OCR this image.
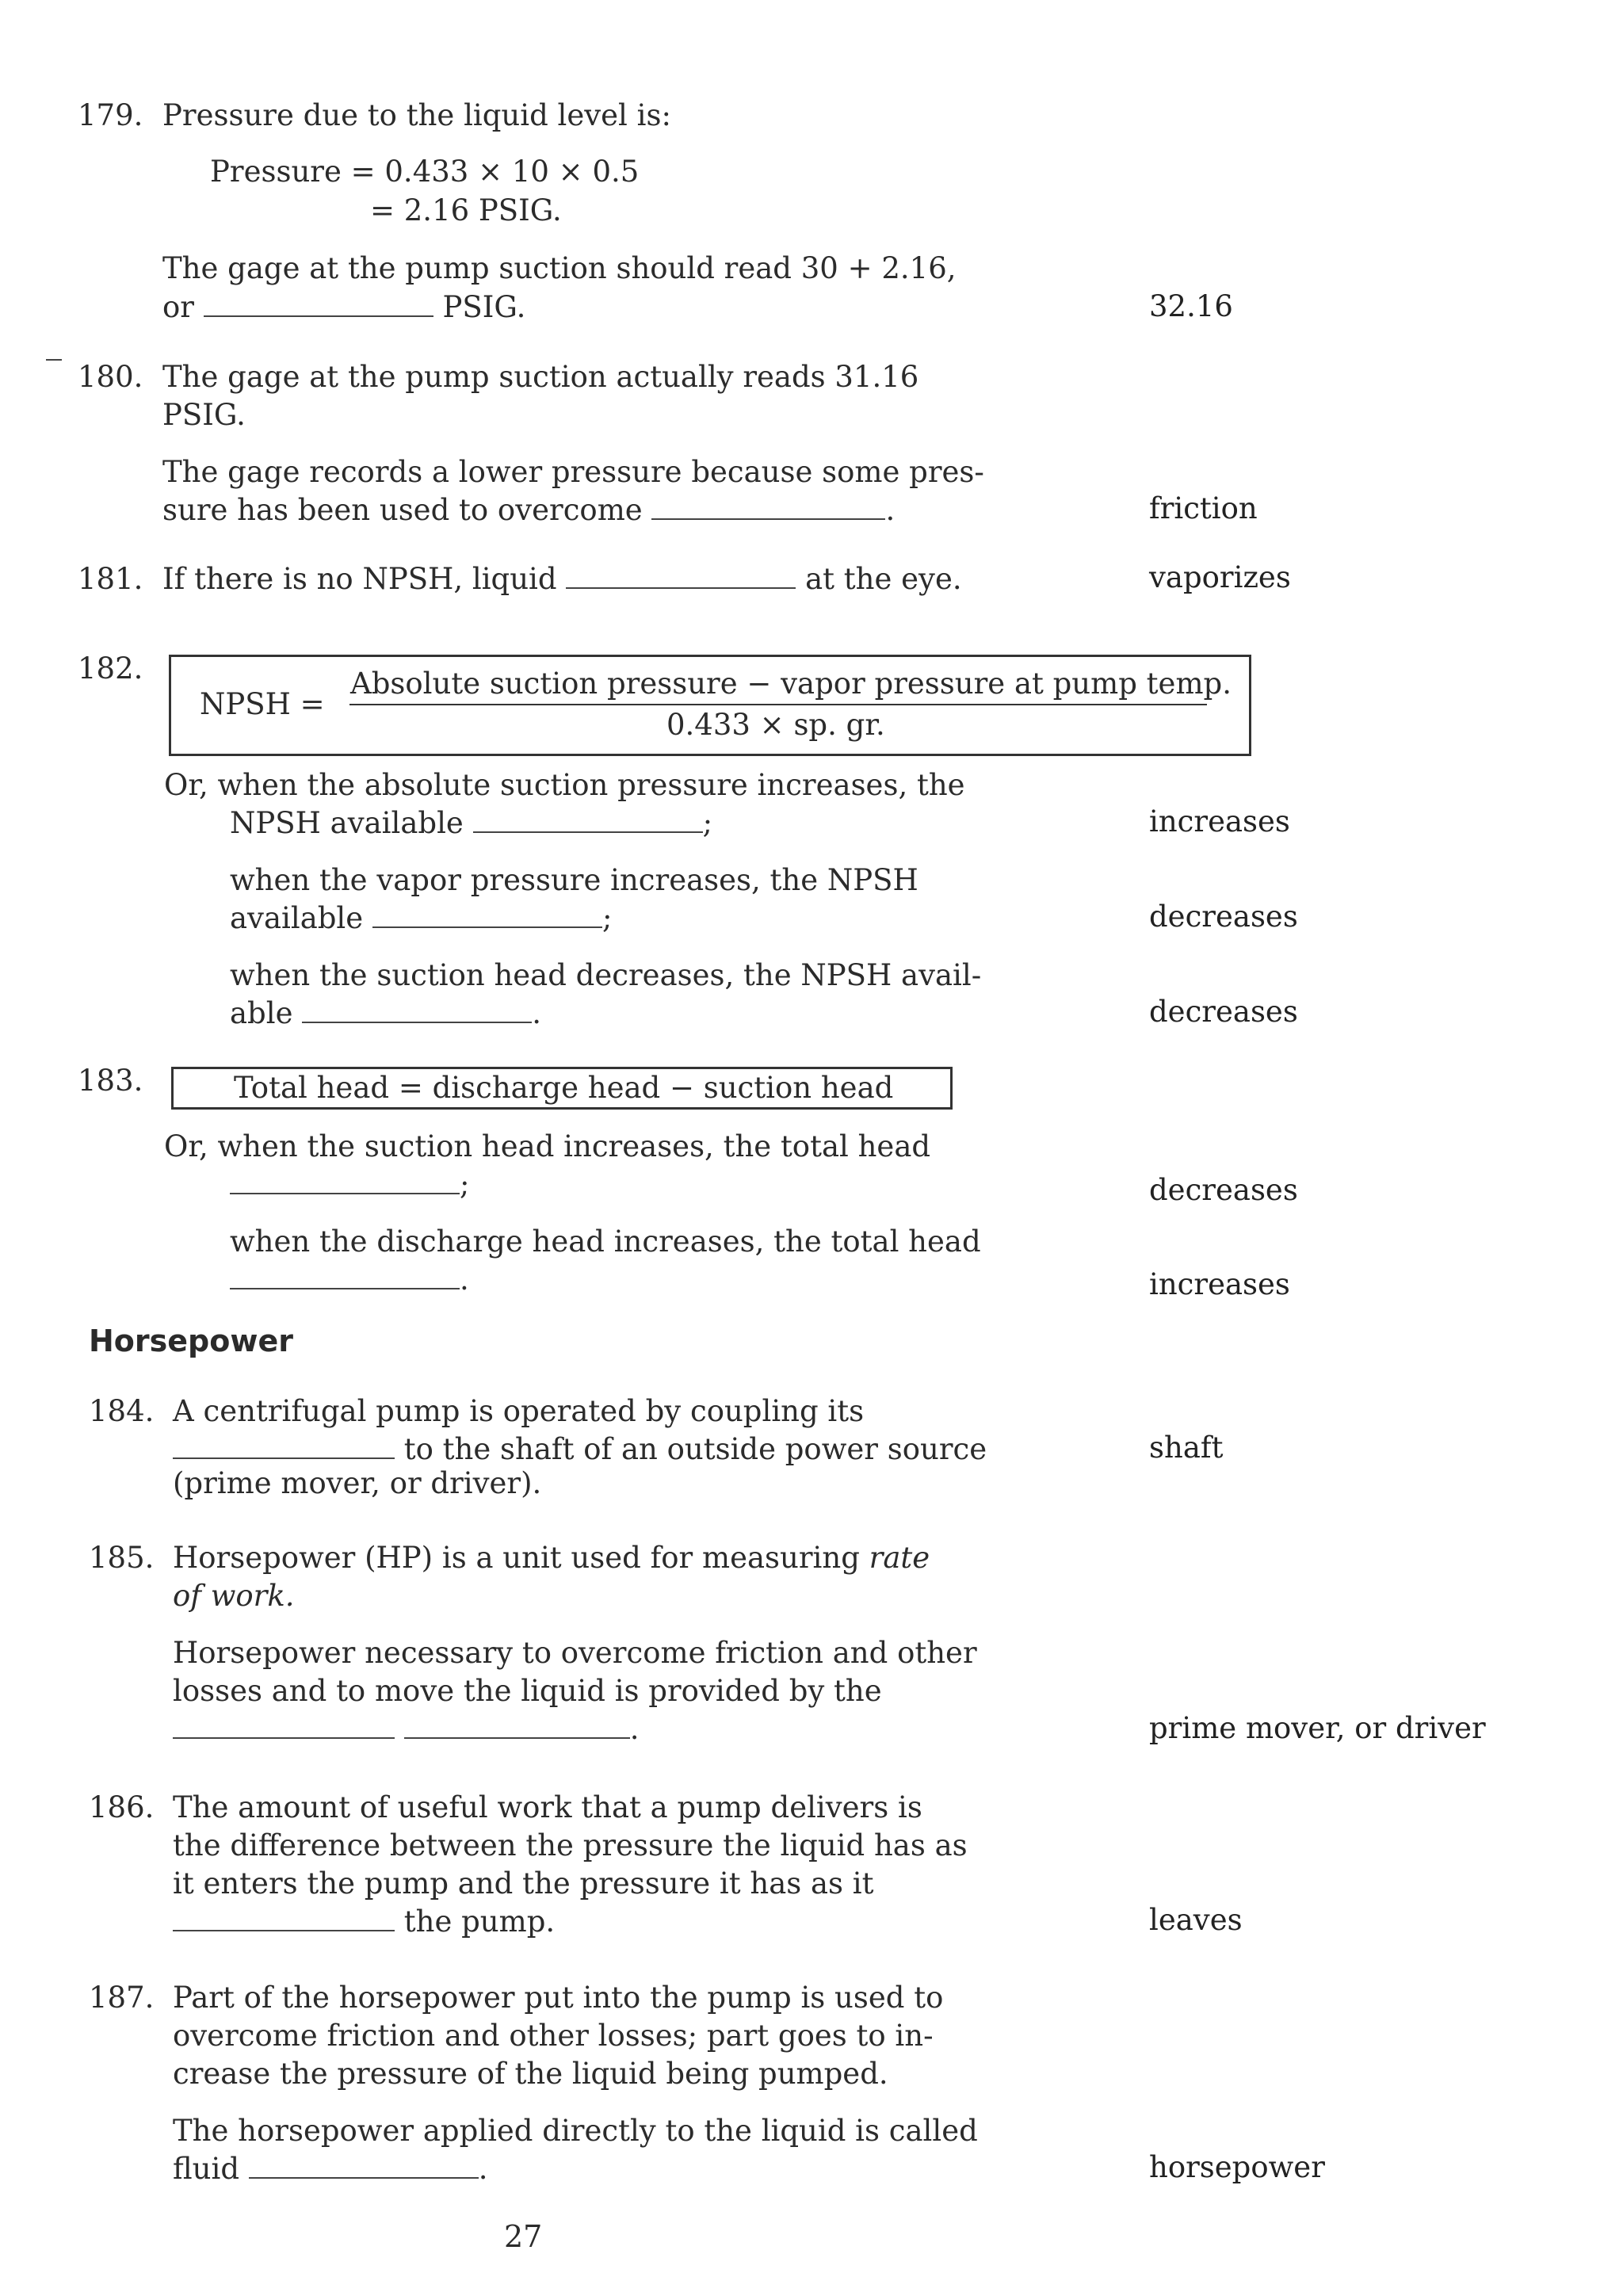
179. Pressure due to the liquid level is:
Pressure = 0.433 × 10 × 0.5
= 2.16 PSIG.
The gage at the pump suction should read 30 + 2.16,
or	PSIG.	32.16
180. The gage at the pump suction actually reads 31.16
PSIG.
The gage records a lower pressure because some pres-
sure has been used to overcome	.	friction
181. If there is no NPSH, liquid	at the eye.	vaporizes
182.
NPSH =
Absolute suction pressure − vapor pressure at pump temp.
0.433 × sp. gr.
Or, when the absolute suction pressure increases, the
NPSH available	;	increases
when the vapor pressure increases, the NPSH
available	;	decreases
when the suction head decreases, the NPSH avail-
able	.	decreases
183.	Total head = discharge head − suction head
Or, when the suction head increases, the total head
;	decreases
when the discharge head increases, the total head
.	increases
Horsepower
184. A centrifugal pump is operated by coupling its
to the shaft of an outside power source	shaft
(prime mover, or driver).
185. Horsepower (HP) is a unit used for measuring rate
of work.
Horsepower necessary to overcome friction and other
losses and to move the liquid is provided by the
.	prime mover, or driver
186. The amount of useful work that a pump delivers is
the difference between the pressure the liquid has as
it enters the pump and the pressure it has as it
the pump.	leaves
187. Part of the horsepower put into the pump is used to
overcome friction and other losses; part goes to in-
crease the pressure of the liquid being pumped.
The horsepower applied directly to the liquid is called
fluid	.	horsepower
27
